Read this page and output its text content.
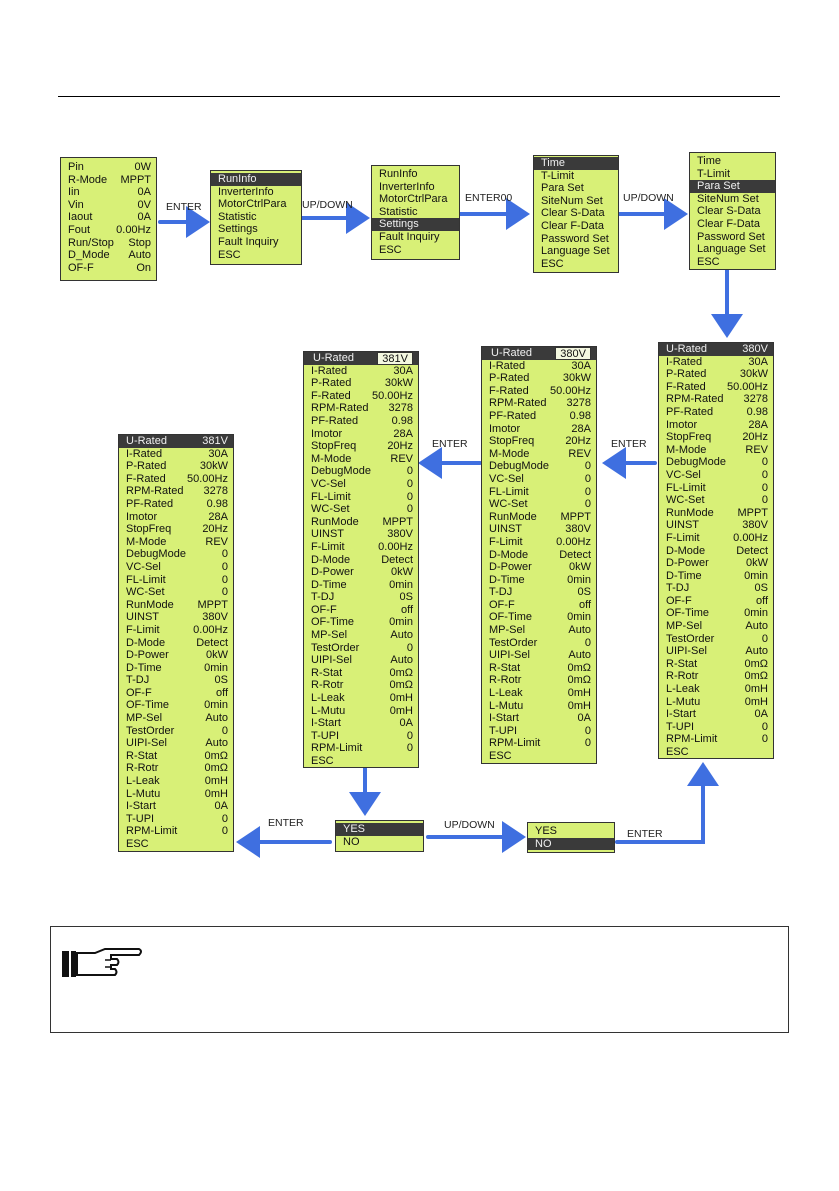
ENTER	UP/DOWN
ENTER00	UP/DOWN
ENTER
ENTER
ENTER	UP/DOWN
ENTER
Pin	0W
R-Mode MPPT
Iin	0A
Vin	0V
Iaout	0A
Fout 0.00Hz
Run/Stop Stop
D_Mode Auto
OF-F	On
RunInfo
InverterInfo
MotorCtrlPara
Statistic
Settings
Fault Inquiry
ESC
RunInfo
InverterInfo
MotorCtrlPara
Statistic
Settings
Fault Inquiry
ESC
Time
T-Limit
Para Set
SiteNum Set
Clear S-Data
Clear F-Data
Password Set
Language Set
ESC
Time
T-Limit
Para Set
SiteNum Set
Clear S-Data
Clear F-Data
Password Set
Language Set
ESC
U-Rated	380V
I-Rated	30A
P-Rated	30kW
F-Rated 50.00Hz
RPM-Rated 3278
PF-Rated	0.98
Imotor	28A
StopFreq	20Hz
M-Mode	REV
DebugMode	0
VC-Sel	0
FL-Limit	0
WC-Set	0
RunMode MPPT
UINST	380V
F-Limit	0.00Hz
D-Mode	Detect
D-Power	0kW
D-Time	0min
T-DJ	0S
OF-F	off
OF-Time	0min
MP-Sel	Auto
TestOrder	0
UIPI-Sel	Auto
R-Stat	0mΩ
R-Rotr	0mΩ
L-Leak	0mH
L-Mutu	0mH
I-Start	0A
T-UPI	0
RPM-Limit	0
ESC
U-Rated	380V
I-Rated	30A
P-Rated	30kW
F-Rated 50.00Hz
RPM-Rated 3278
PF-Rated	0.98
Imotor	28A
StopFreq	20Hz
M-Mode	REV
DebugMode	0
VC-Sel	0
FL-Limit	0
WC-Set	0
RunMode MPPT
UINST	380V
F-Limit	0.00Hz
D-Mode	Detect
D-Power	0kW
D-Time	0min
T-DJ	0S
OF-F	off
OF-Time	0min
MP-Sel	Auto
TestOrder	0
UIPI-Sel	Auto
R-Stat	0mΩ
R-Rotr	0mΩ
L-Leak	0mH
L-Mutu	0mH
I-Start	0A
T-UPI	0
RPM-Limit	0
ESC
U-Rated	381V
I-Rated	30A
P-Rated	30kW
F-Rated 50.00Hz
RPM-Rated 3278
PF-Rated	0.98
Imotor	28A
StopFreq	20Hz
M-Mode	REV
DebugMode	0
VC-Sel	0
FL-Limit	0
WC-Set	0
RunMode MPPT
UINST	380V
F-Limit	0.00Hz
D-Mode	Detect
D-Power	0kW
D-Time	0min
T-DJ	0S
OF-F	off
OF-Time	0min
MP-Sel	Auto
TestOrder	0
UIPI-Sel	Auto
R-Stat	0mΩ
R-Rotr	0mΩ
L-Leak	0mH
L-Mutu	0mH
I-Start	0A
T-UPI	0
RPM-Limit	0
ESC
U-Rated	381V
I-Rated	30A
P-Rated	30kW
F-Rated 50.00Hz
RPM-Rated 3278
PF-Rated	0.98
Imotor	28A
StopFreq	20Hz
M-Mode	REV
DebugMode	0
VC-Sel	0
FL-Limit	0
WC-Set	0
RunMode MPPT
UINST	380V
F-Limit	0.00Hz
D-Mode	Detect
D-Power	0kW
D-Time	0min
T-DJ	0S
OF-F	off
OF-Time	0min
MP-Sel	Auto
TestOrder	0
UIPI-Sel	Auto
R-Stat	0mΩ
R-Rotr	0mΩ
L-Leak	0mH
L-Mutu	0mH
I-Start	0A
T-UPI	0
RPM-Limit	0
ESC
YES
NO
YES
NO
